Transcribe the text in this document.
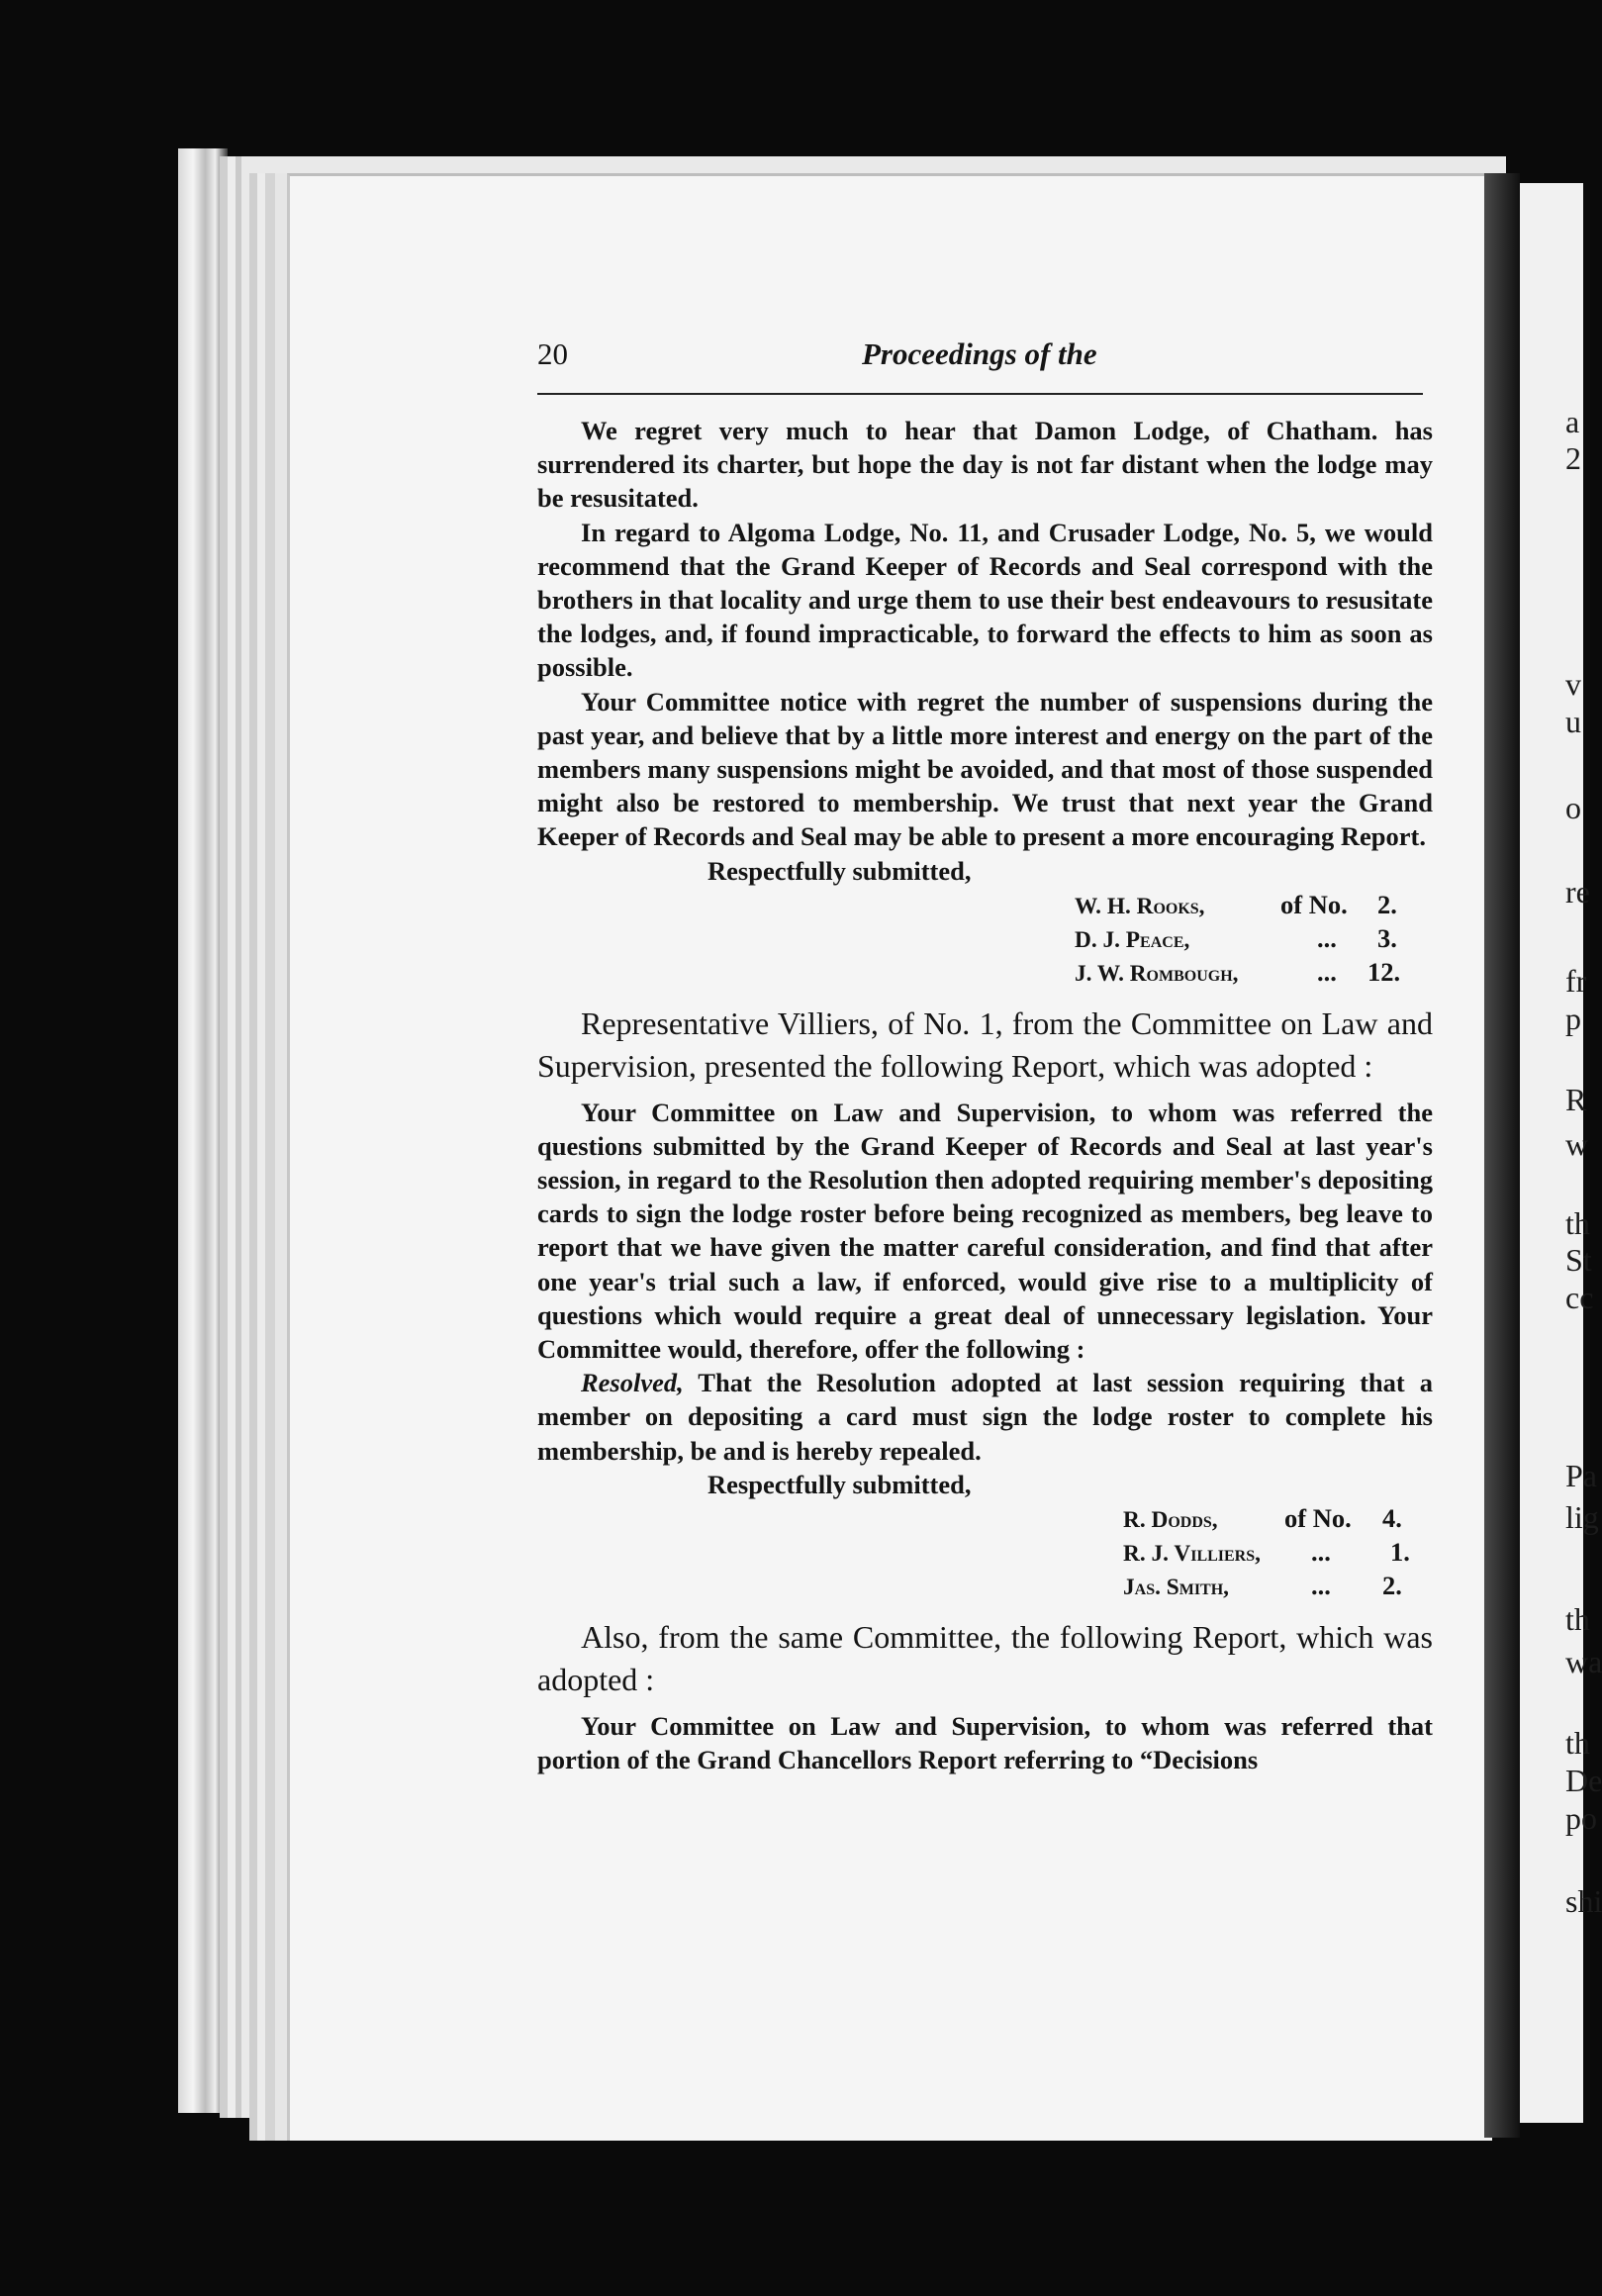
a
2
v
u
o
re
fr
p
R
w
th
St
cc
Pa
lig
th
wa
th
De
po
shi
20	Proceedings of the

We regret very much to hear that Damon Lodge, of Chatham. has surrendered its charter, but hope the day is not far distant when the lodge may be resusitated.

In regard to Algoma Lodge, No. 11, and Crusader Lodge, No. 5, we would recommend that the Grand Keeper of Records and Seal correspond with the brothers in that locality and urge them to use their best endeavours to resusitate the lodges, and, if found impracticable, to forward the effects to him as soon as possible.

Your Committee notice with regret the number of suspensions during the past year, and believe that by a little more interest and energy on the part of the members many suspensions might be avoided, and that most of those suspended might also be restored to membership. We trust that next year the Grand Keeper of Records and Seal may be able to present a more encouraging Report.

Respectfully submitted,

W. H. Rooks,	of No. 2.
D. J. Peace,	... 3.
J. W. Rombough,	... 12.

Representative Villiers, of No. 1, from the Committee on Law and Supervision, presented the following Report, which was adopted :

Your Committee on Law and Supervision, to whom was referred the questions submitted by the Grand Keeper of Records and Seal at last year's session, in regard to the Resolution then adopted requiring member's depositing cards to sign the lodge roster before being recognized as members, beg leave to report that we have given the matter careful consideration, and find that after one year's trial such a law, if enforced, would give rise to a multiplicity of questions which would require a great deal of unnecessary legislation. Your Committee would, therefore, offer the following :

Resolved, That the Resolution adopted at last session requiring that a member on depositing a card must sign the lodge roster to complete his membership, be and is hereby repealed.

Respectfully submitted,

R. Dodds,	of No. 4.
R. J. Villiers, ... 1.
Jas. Smith,	... 2.

Also, from the same Committee, the following Report, which was adopted :

Your Committee on Law and Supervision, to whom was referred that portion of the Grand Chancellors Report referring to “Decisions
